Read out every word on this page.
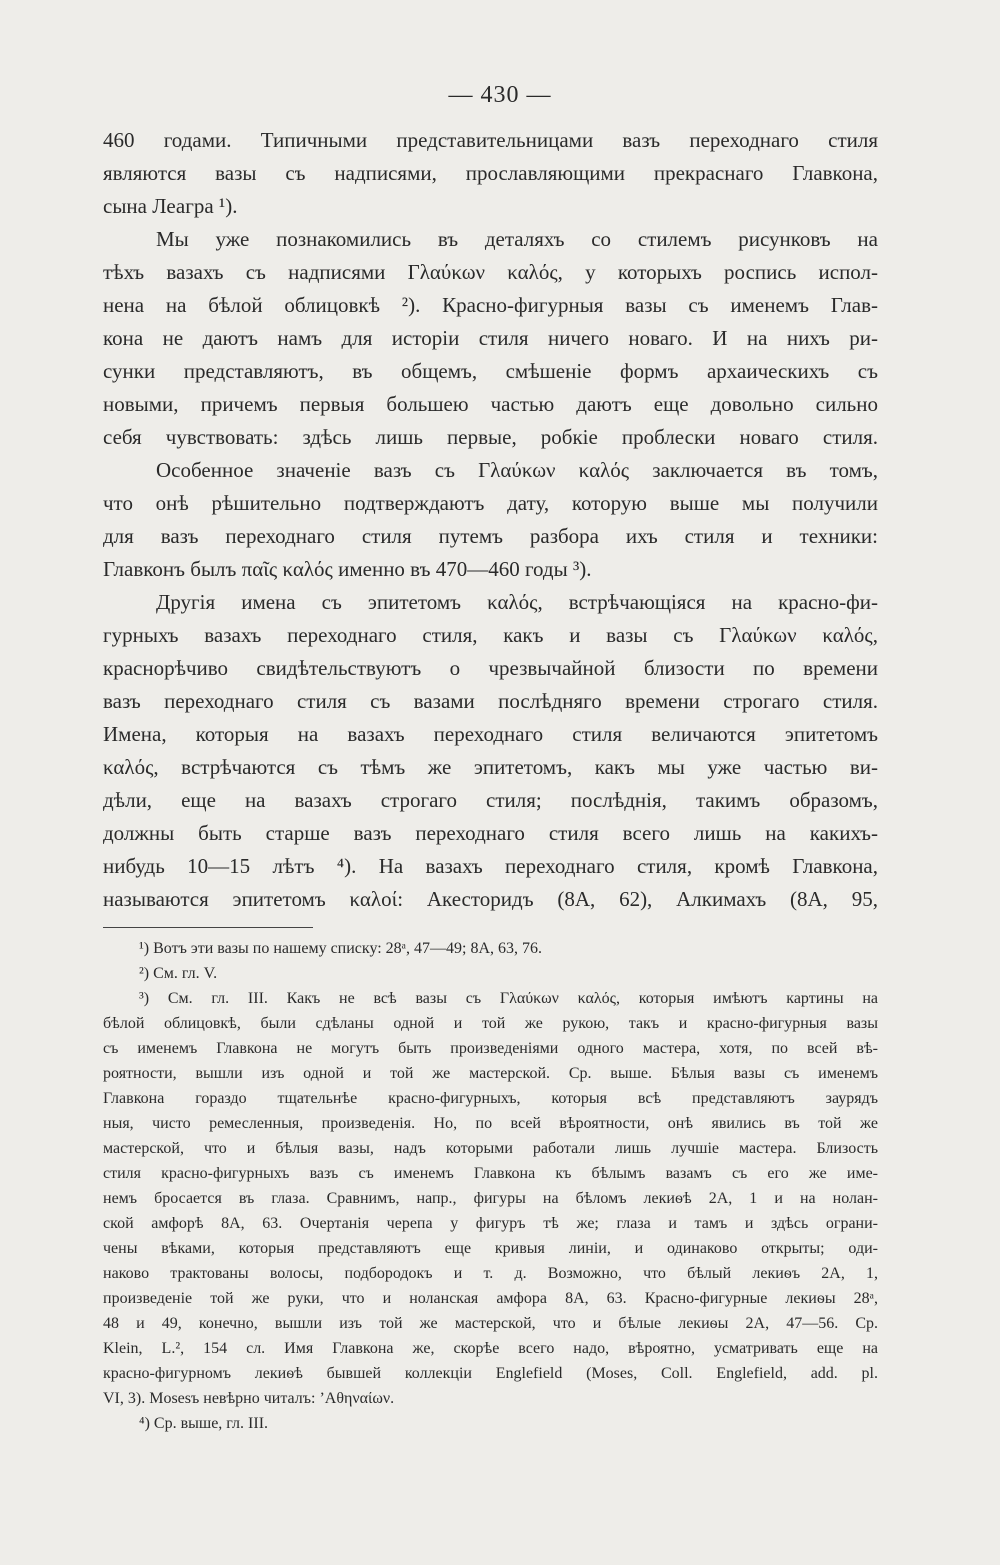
— 430 —
460 годами. Типичными представительницами вазъ переходнаго стиля
являются вазы съ надписями, прославляющими прекраснаго Главкона,
сына Леагра ¹).
Мы уже познакомились въ деталяхъ со стилемъ рисунковъ на
тѣхъ вазахъ съ надписями Γλαύκων καλός, у которыхъ роспись испол-
нена на бѣлой облицовкѣ ²). Красно-фигурныя вазы съ именемъ Глав-
кона не даютъ намъ для исторіи стиля ничего новаго. И на нихъ ри-
сунки представляютъ, въ общемъ, смѣшеніе формъ архаическихъ съ
новыми, причемъ первыя большею частью даютъ еще довольно сильно
себя чувствовать: здѣсь лишь первые, робкіе проблески новаго стиля.
Особенное значеніе вазъ съ Γλαύκων καλός заключается въ томъ,
что онѣ рѣшительно подтверждаютъ дату, которую выше мы получили
для вазъ переходнаго стиля путемъ разбора ихъ стиля и техники:
Главконъ былъ παῖς καλός именно въ 470—460 годы ³).
Другія имена съ эпитетомъ καλός, встрѣчающіяся на красно-фи-
гурныхъ вазахъ переходнаго стиля, какъ и вазы съ Γλαύκων καλός,
краснорѣчиво свидѣтельствуютъ о чрезвычайной близости по времени
вазъ переходнаго стиля съ вазами послѣдняго времени строгаго стиля.
Имена, которыя на вазахъ переходнаго стиля величаются эпитетомъ
καλός, встрѣчаются съ тѣмъ же эпитетомъ, какъ мы уже частью ви-
дѣли, еще на вазахъ строгаго стиля; послѣднія, такимъ образомъ,
должны быть старше вазъ переходнаго стиля всего лишь на какихъ-
нибудь 10—15 лѣтъ ⁴). На вазахъ переходнаго стиля, кромѣ Главкона,
называются эпитетомъ καλοί: Акесторидъ (8A, 62), Алкимахъ (8A, 95,
¹) Вотъ эти вазы по нашему списку: 28ᵃ, 47—49; 8A, 63, 76.
²) См. гл. V.
³) См. гл. III. Какъ не всѣ вазы съ Γλαύκων καλός, которыя имѣютъ картины на
бѣлой облицовкѣ, были сдѣланы одной и той же рукою, такъ и красно-фигурныя вазы
съ именемъ Главкона не могутъ быть произведеніями одного мастера, хотя, по всей вѣ-
роятности, вышли изъ одной и той же мастерской. Ср. выше. Бѣлыя вазы съ именемъ
Главкона гораздо тщательнѣе красно-фигурныхъ, которыя всѣ представляютъ заурядъ
ныя, чисто ремесленныя, произведенія. Но, по всей вѣроятности, онѣ явились въ той же
мастерской, что и бѣлыя вазы, надъ которыми работали лишь лучшіе мастера. Близость
стиля красно-фигурныхъ вазъ съ именемъ Главкона къ бѣлымъ вазамъ съ его же име-
немъ бросается въ глаза. Сравнимъ, напр., фигуры на бѣломъ лекиѳѣ 2A, 1 и на нолан-
ской амфорѣ 8A, 63. Очертанія черепа у фигуръ тѣ же; глаза и тамъ и здѣсь ограни-
чены вѣками, которыя представляютъ еще кривыя линіи, и одинаково открыты; оди-
наково трактованы волосы, подбородокъ и т. д. Возможно, что бѣлый лекиѳъ 2A, 1,
произведеніе той же руки, что и ноланская амфора 8A, 63. Красно-фигурные лекиѳы 28ᵃ,
48 и 49, конечно, вышли изъ той же мастерской, что и бѣлые лекиѳы 2A, 47—56. Ср.
Klein, L.², 154 сл. Имя Главкона же, скорѣе всего надо, вѣроятно, усматривать еще на
красно-фигурномъ лекиѳѣ бывшей коллекціи Englefield (Moses, Coll. Englefield, add. pl.
VI, 3). Mosesъ невѣрно читалъ: ʼΑθηναίων.
⁴) Ср. выше, гл. III.
